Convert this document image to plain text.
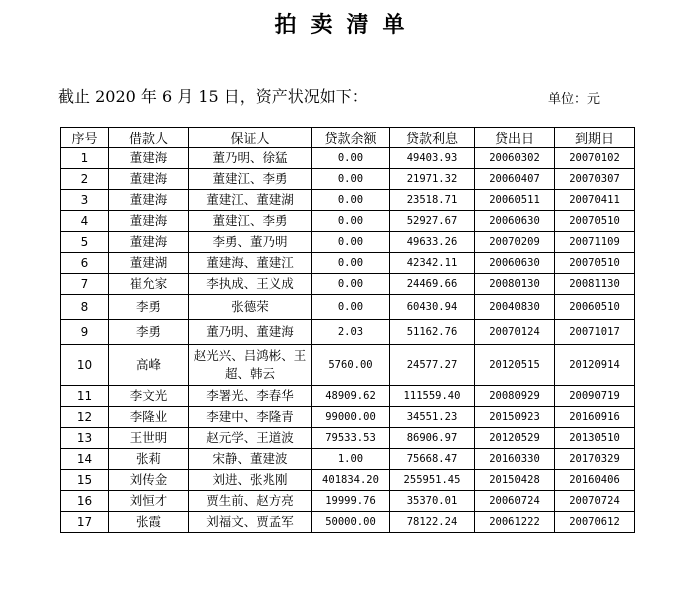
拍卖清单
截止 2020 年 6 月 15 日，资产状况如下：	单位：元
序号	借款人	保证人	贷款余额	贷款利息	贷出日	到期日
1	董建海	董乃明、徐猛	0.00	49403.93	20060302	20070102
2	董建海	董建江、李勇	0.00	21971.32	20060407	20070307
3	董建海	董建江、董建湖	0.00	23518.71	20060511	20070411
4	董建海	董建江、李勇	0.00	52927.67	20060630	20070510
5	董建海	李勇、董乃明	0.00	49633.26	20070209	20071109
6	董建湖	董建海、董建江	0.00	42342.11	20060630	20070510
7	崔允家	李执成、王义成	0.00	24469.66	20080130	20081130
8	李勇	张德荣	0.00	60430.94	20040830	20060510
9	李勇	董乃明、董建海	2.03	51162.76	20070124	20071017
10	高峰	赵光兴、吕鸿彬、王超、韩云	5760.00	24577.27	20120515	20120914
11	李文光	李署光、李春华	48909.62	111559.40	20080929	20090719
12	李隆业	李建中、李隆青	99000.00	34551.23	20150923	20160916
13	王世明	赵元学、王道波	79533.53	86906.97	20120529	20130510
14	张莉	宋静、董建波	1.00	75668.47	20160330	20170329
15	刘传金	刘进、张兆刚	401834.20	255951.45	20150428	20160406
16	刘恒才	贾生前、赵方亮	19999.76	35370.01	20060724	20070724
17	张霞	刘福文、贾孟军	50000.00	78122.24	20061222	20070612
